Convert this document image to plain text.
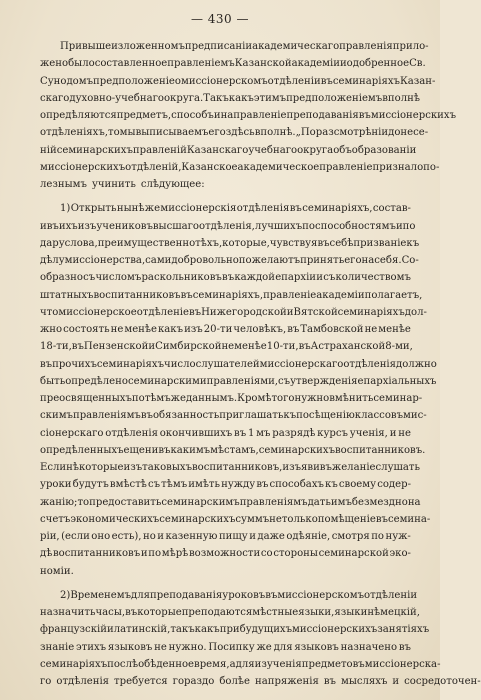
— 430 —
При вышеизложенномъ предписаніи академическаго правленія прило-
жено было составленное правленіемъ Казанской академіи и одобренное Св.
Сунодомъ предположеніе о миссіонерскомъ отдѣленіи въ семинаріяхъ Казан-
скаго духовно-учебнаго округа. Такъ какъ этимъ предположеніемъ вполнѣ
опредѣляются предметъ, способъ и направленіе преподаванія въ миссіонерскихъ
отдѣленіяхъ, то мы выписываемъ его здѣсь вполнѣ. „По разсмотрѣніи донесе-
ній семинарскихъ правленій Казанскаго учебнаго округа объ образованіи
миссіонерскихъ отдѣленій, Казанское академическое правленіе признало по-
лезнымъ учинить слѣдующее:
1) Открыть нынѣ же миссіонерскія отдѣленія въ семинаріяхъ, состав-
ивъ ихъ изъ учениковъ высшаго отдѣленія, лучшихъ по способностямъ и по
дару слова, преимущественно тѣхъ, которые, чувствуя въ себѣ призваніе къ
дѣлу миссіонерства, сами добровольно пожелаютъ принять его на себя. Со-
образно съ числомъ раскольниковъ въ каждой епархіи и съ количествомъ
штатныхъ воспитанниковъ въ семинаріяхъ, правленіе академіи полагаетъ,
что миссіонерское отдѣленіе въ Нижегородской и Вятской семинаріяхъ дол-
жно состоять не менѣе какъ изъ 20-ти человѣкъ, въ Тамбовской не менѣе
18-ти, въ Пензенской и Симбирской не менѣе 10-ти, въ Астраханской 8-ми,
въ прочихъ семинаріяхъ число слушателей миссіонерскаго отдѣленія должно
быть опредѣлено семинарскими правленіями, съ утвержденія епархіальныхъ
преосвященныхъ по тѣмъ же даннымъ. Кромѣ того нужно вмѣнить семинар-
скимъ правленіямъ въ обязанность приглашать къ посѣщенію классовъ мис-
сіонерскаго отдѣленія окончившихъ въ 1 мъ разрядѣ курсъ ученія, и не
опредѣленныхъ еще ни въ какимъ мѣстамъ, семинарскихъ воспитанниковъ.
Если нѣкоторые изъ таковыхъ воспитанниковъ, изъявивъ желаніе слушать
уроки будутъ вмѣстѣ съ тѣмъ имѣть нужду въ способахъ къ своему содер-
жанію; то предоставить семинарскимъ правленіямъ дать имъ безмездно на
счетъ экономическихъ семинарскихъ суммъ не только помѣщеніе въ семина-
ріи, (если оно есть), но и казенную пищу и даже одѣяніе, смотря по нуж-
дѣ воспитанниковъ и по мѣрѣ возможности со стороны семинарской эко-
номіи.
2) Временемъ для преподаванія уроковъ въ миссіонерскомъ отдѣленіи
назначить часы, въ которые преподаются мѣстные языки, языки нѣмецкій,
французскій и латинскій, такъ какъ при будущихъ миссіонерскихъ занятіяхъ
знаніе этихъ языковъ не нужно. Посипку же для языковъ назначено въ
семинаріяхъ послѣобѣденное время, а для изученія предметовъ миссіонерска-
го отдѣленія требуется гораздо болѣе напряженія въ мысляхъ и сосредоточен-
